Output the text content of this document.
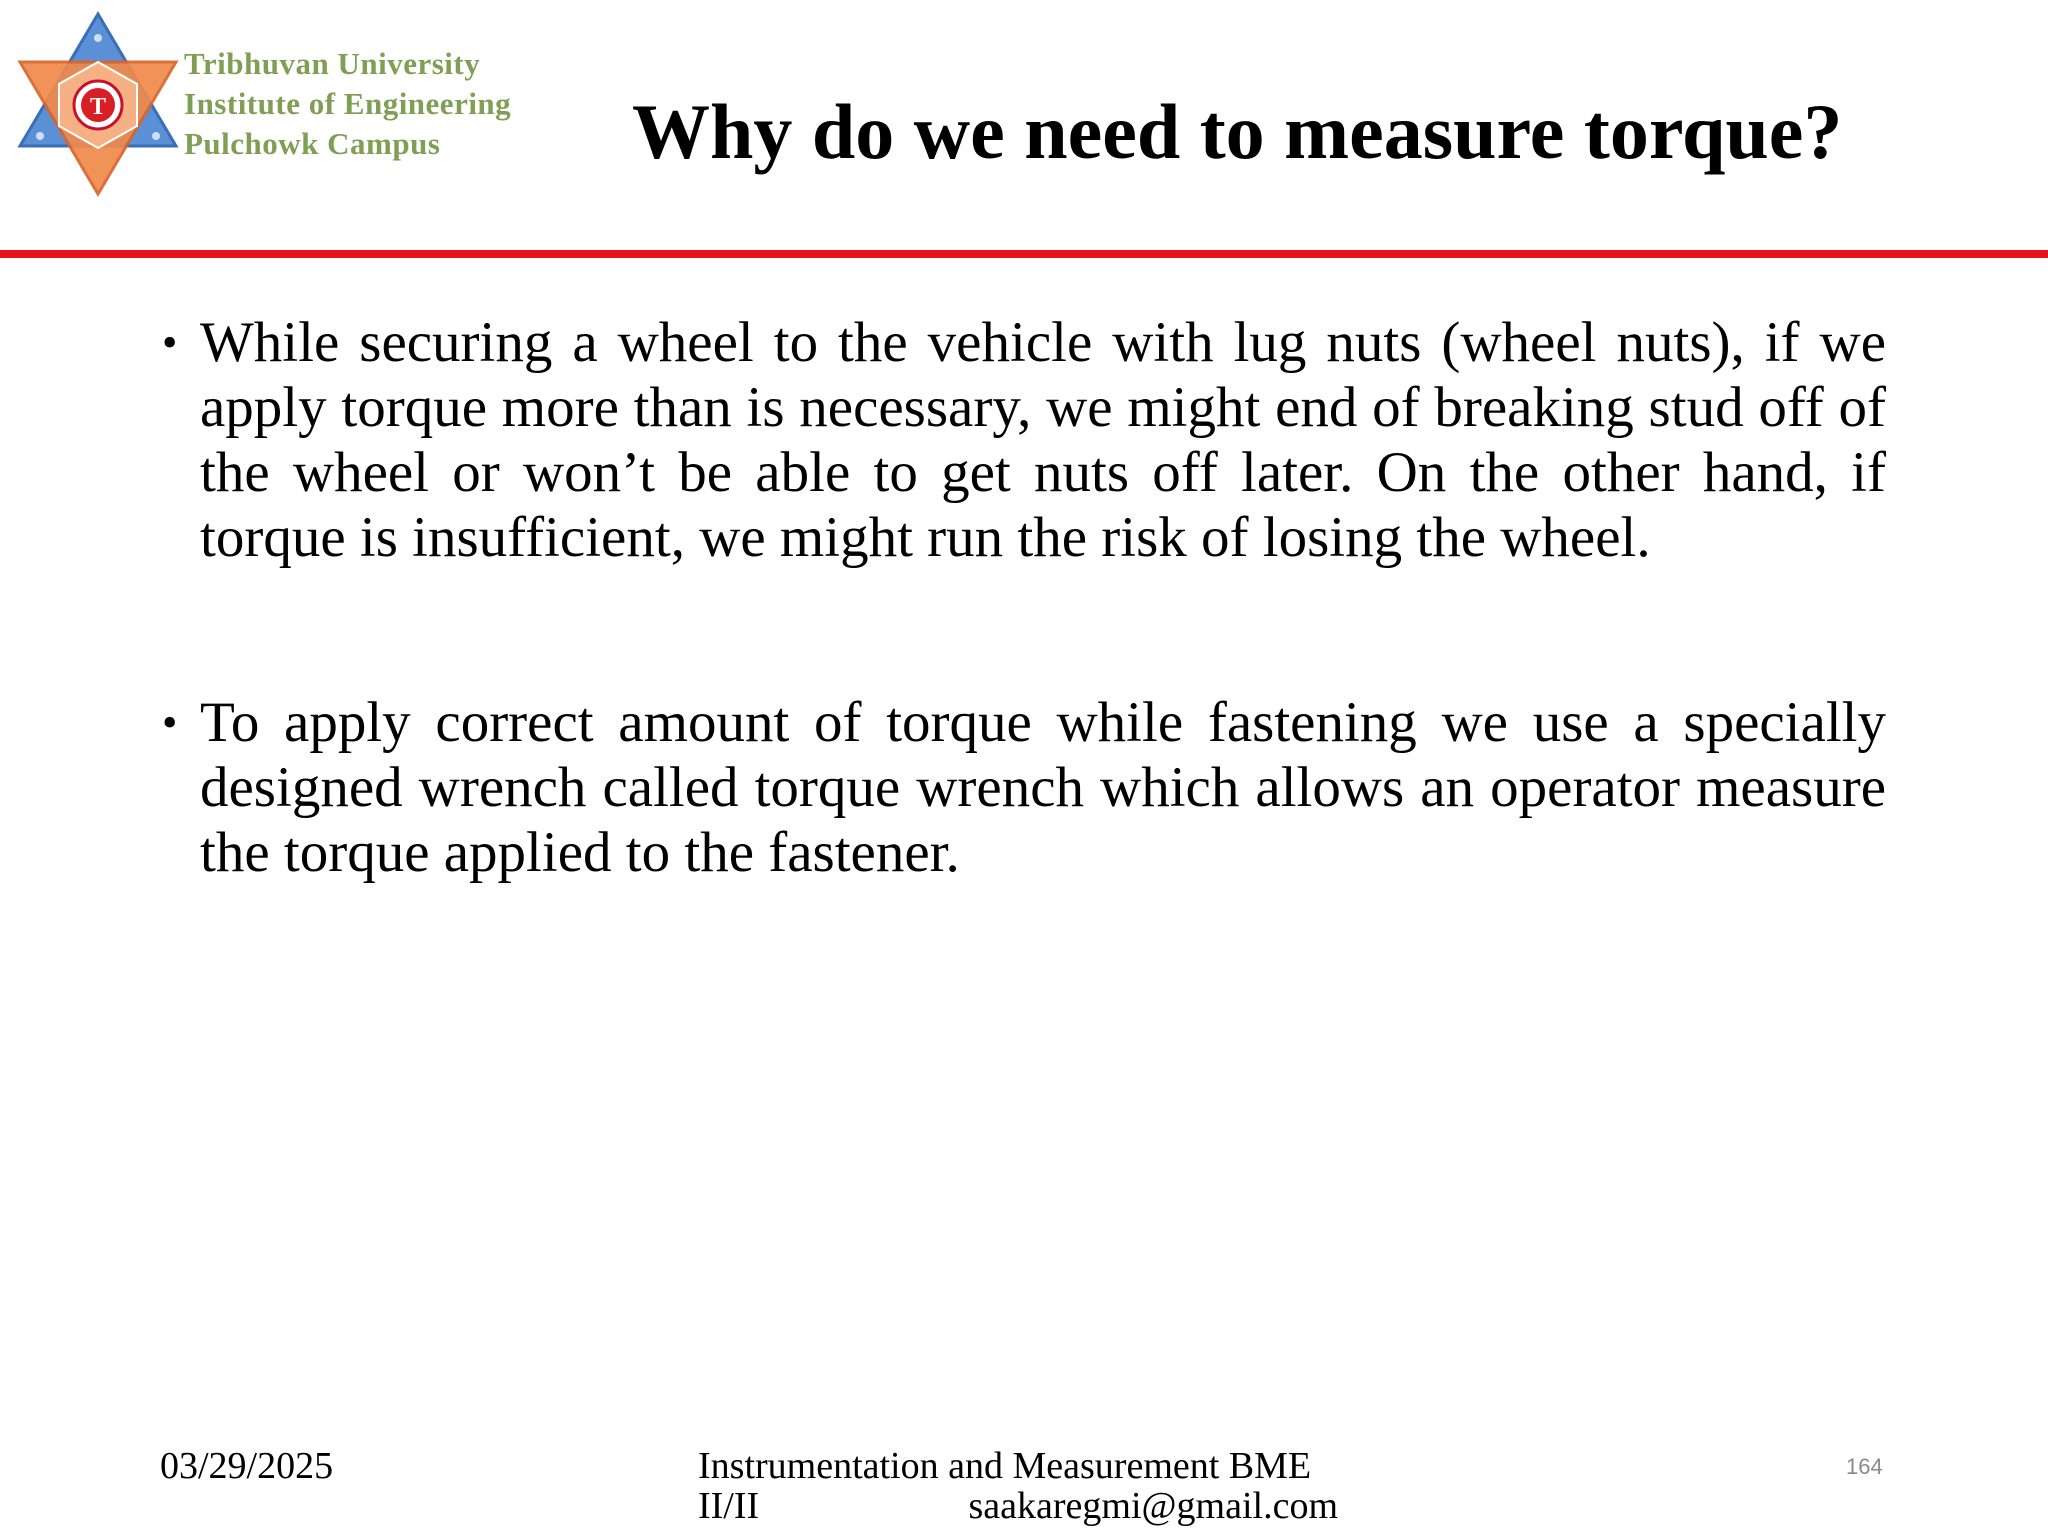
T
Tribhuvan University
Institute of Engineering
Pulchowk Campus	Why do we need to measure torque?
• While securing a wheel to the vehicle with lug nuts (wheel nuts), if we apply torque more than is necessary, we might end of breaking stud off of the wheel or won’t be able to get nuts off later. On the other hand, if torque is insufficient, we might run the risk of losing the wheel.
• To apply correct amount of torque while fastening we use a specially designed wrench called torque wrench which allows an operator measure the torque applied to the fastener.
03/29/2025	Instrumentation and Measurement BME
II/II	saakaregmi@gmail.com
164
